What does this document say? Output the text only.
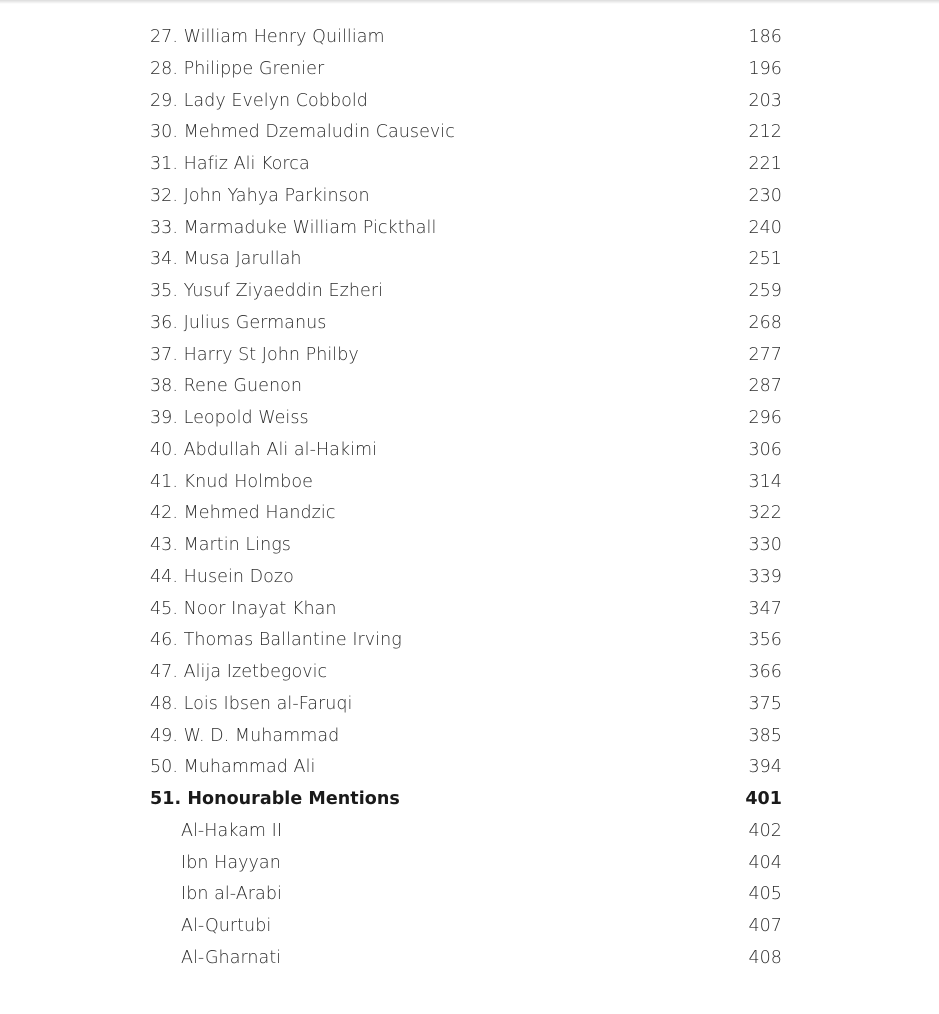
27. William Henry Quilliam	186
28. Philippe Grenier	196
29. Lady Evelyn Cobbold	203
30. Mehmed Dzemaludin Causevic	212
31. Hafiz Ali Korca	221
32. John Yahya Parkinson	230
33. Marmaduke William Pickthall	240
34. Musa Jarullah	251
35. Yusuf Ziyaeddin Ezheri	259
36. Julius Germanus	268
37. Harry St John Philby	277
38. Rene Guenon	287
39. Leopold Weiss	296
40. Abdullah Ali al-Hakimi	306
41. Knud Holmboe	314
42. Mehmed Handzic	322
43. Martin Lings	330
44. Husein Dozo	339
45. Noor Inayat Khan	347
46. Thomas Ballantine Irving	356
47. Alija Izetbegovic	366
48. Lois Ibsen al-Faruqi	375
49. W. D. Muhammad	385
50. Muhammad Ali	394
51. Honourable Mentions	401
Al-Hakam II	402
Ibn Hayyan	404
Ibn al-Arabi	405
Al-Qurtubi	407
Al-Gharnati	408
